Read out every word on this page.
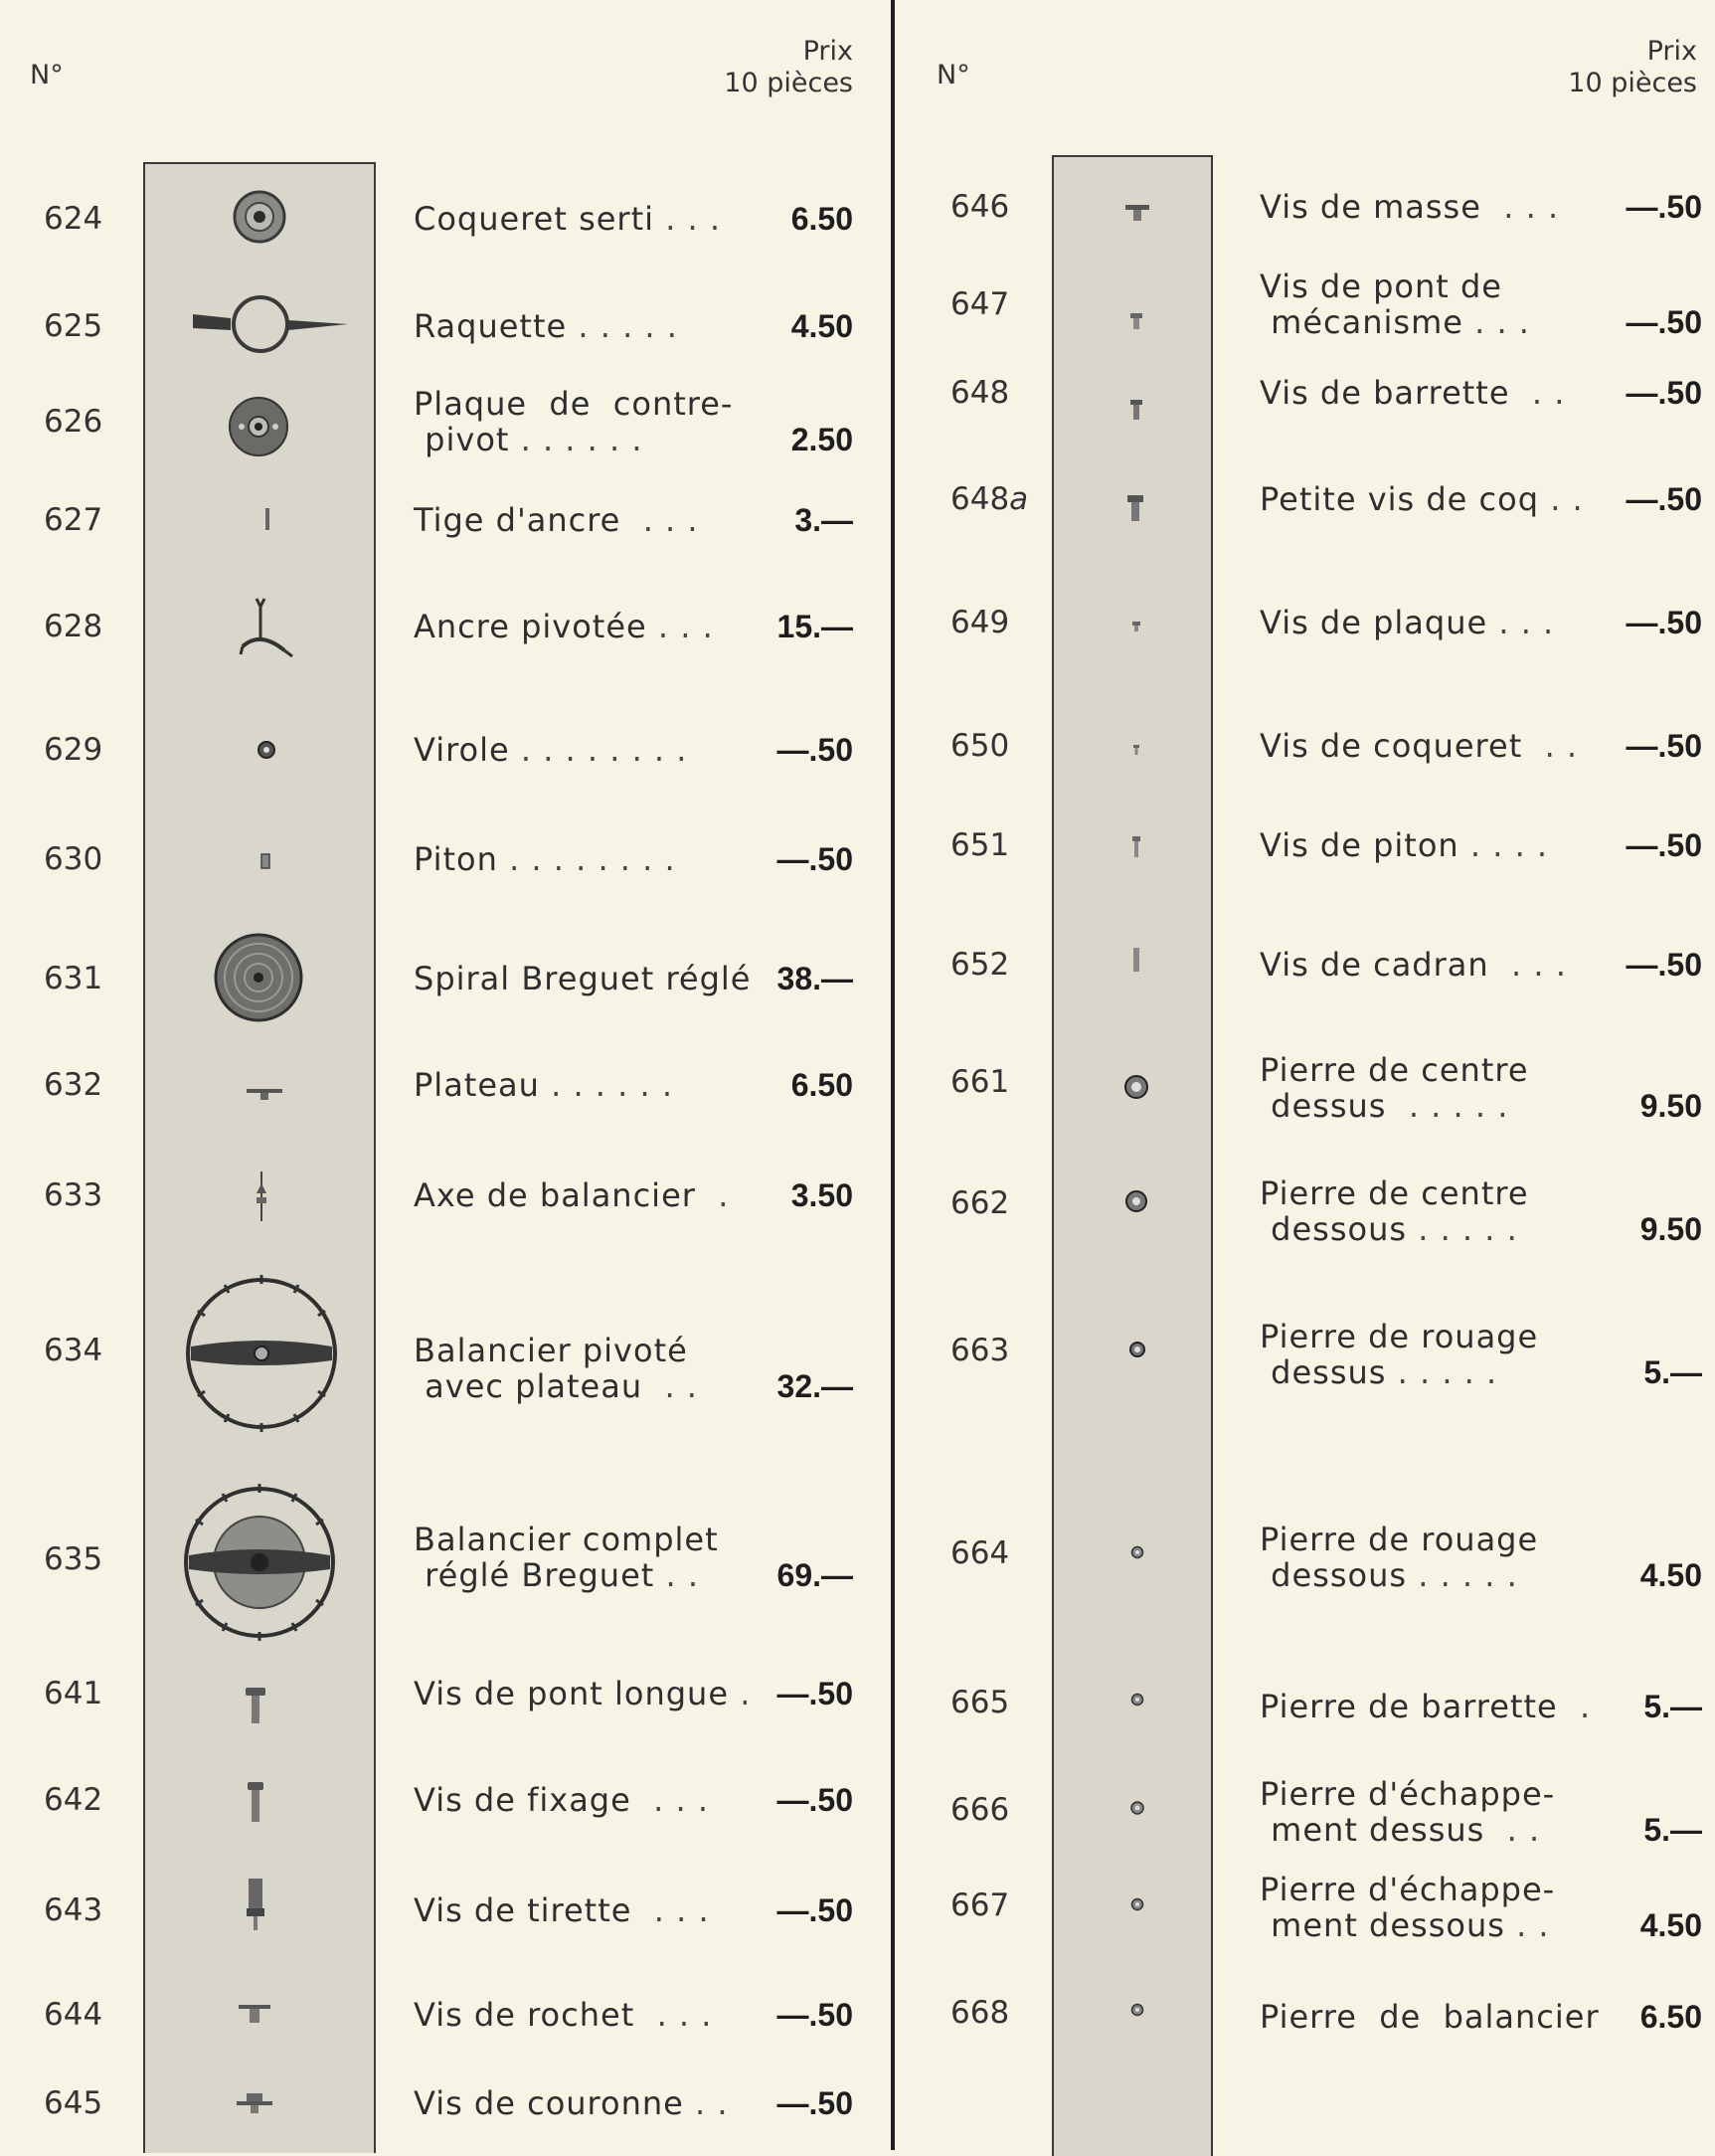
N°
Prix
10 pièces
624	Coqueret serti . . . 6.50
625	Raquette . . . . .	4.50
626	Plaque  de  contre-
pivot . . . . . .	2.50
627	Tige d'ancre  . . .	3.—
628	Ancre pivotée . . . 15.—
629	Virole . . . . . . . .	—.50
630	Piton . . . . . . . .	—.50
631	Spiral Breguet réglé 38.—
632	Plateau . . . . . .	6.50
633	Axe de balancier  . 3.50
634	Balancier pivoté
avec plateau  . . 32.—
635
Balancier complet
réglé Breguet . .	69.—
641	Vis de pont longue . —.50
642	Vis de fixage  . . . —.50
643	Vis de tirette  . . . —.50
644	Vis de rochet  . . . —.50
645	Vis de couronne . . —.50
N°
Prix
10 pièces
646	Vis de masse  . . . —.50
647	Vis de pont de
mécanisme . . .	—.50
648	Vis de barrette  . . —.50
648a	Petite vis de coq . . —.50
649	Vis de plaque . . . —.50
650	Vis de coqueret  . . —.50
651	Vis de piton . . . . —.50
652	Vis de cadran  . . . —.50
661	Pierre de centre
dessus  . . . . .	9.50
662	Pierre de centre
dessous . . . . .	9.50
663	Pierre de rouage
dessus . . . . .	5.—
664	Pierre de rouage
dessous . . . . .	4.50
665	Pierre de barrette  . 5.—
666	Pierre d'échappe-
ment dessus  . .	5.—
667	Pierre d'échappe-
ment dessous . .	4.50
668	Pierre  de  balancier 6.50
